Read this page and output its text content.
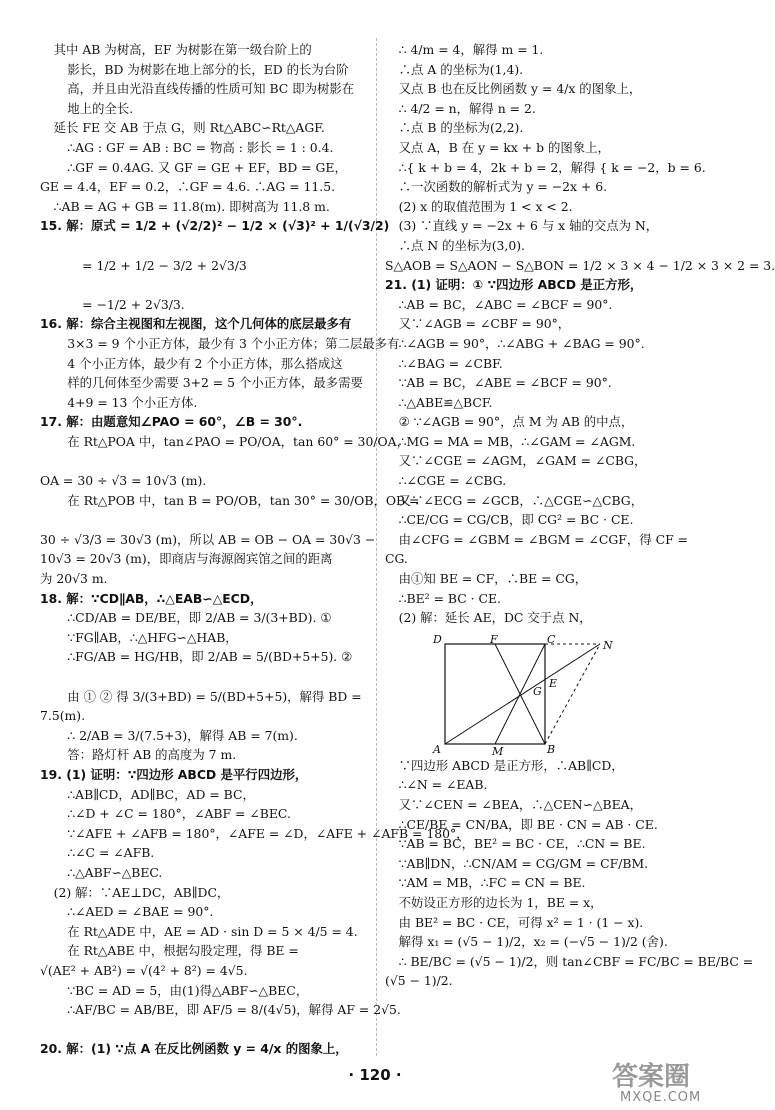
其中 AB 为树高，EF 为树影在第一级台阶上的
影长，BD 为树影在地上部分的长，ED 的长为台阶
高，并且由光沿直线传播的性质可知 BC 即为树影在
地上的全长.
延长 FE 交 AB 于点 G，则 Rt△ABC∽Rt△AGF.
∴AG : GF = AB : BC = 物高 : 影长 = 1 : 0.4.
∴GF = 0.4AG. 又 GF = GE + EF，BD = GE，
GE = 4.4，EF = 0.2，∴GF = 4.6. ∴AG = 11.5.
∴AB = AG + GB = 11.8(m). 即树高为 11.8 m.
15. 解：原式 = 1/2 + (√2/2)² − 1/2 × (√3)² + 1/(√3/2)

= 1/2 + 1/2 − 3/2 + 2√3/3

= −1/2 + 2√3/3.
16. 解：综合主视图和左视图，这个几何体的底层最多有
3×3 = 9 个小正方体，最少有 3 个小正方体；第二层最多有
4 个小正方体，最少有 2 个小正方体，那么搭成这
样的几何体至少需要 3+2 = 5 个小正方体，最多需要
4+9 = 13 个小正方体.
17. 解：由题意知∠PAO = 60°，∠B = 30°.
在 Rt△POA 中，tan∠PAO = PO/OA，tan 60° = 30/OA，

OA = 30 ÷ √3 = 10√3 (m).
在 Rt△POB 中，tan B = PO/OB，tan 30° = 30/OB，OB =

30 ÷ √3/3 = 30√3 (m)，所以 AB = OB − OA = 30√3 −
10√3 = 20√3 (m)，即商店与海源阁宾馆之间的距离
为 20√3 m.
18. 解：∵CD∥AB，∴△EAB∽△ECD，
∴CD/AB = DE/BE，即 2/AB = 3/(3+BD). ①
∵FG∥AB，∴△HFG∽△HAB，
∴FG/AB = HG/HB，即 2/AB = 5/(BD+5+5). ②

由 ① ② 得 3/(3+BD) = 5/(BD+5+5)，解得 BD =
7.5(m).
∴ 2/AB = 3/(7.5+3)，解得 AB = 7(m).
答：路灯杆 AB 的高度为 7 m.
19. (1) 证明：∵四边形 ABCD 是平行四边形，
∴AB∥CD，AD∥BC，AD = BC，
∴∠D + ∠C = 180°，∠ABF = ∠BEC.
∵∠AFE + ∠AFB = 180°，∠AFE = ∠D，∠AFE + ∠AFB = 180°，
∴∠C = ∠AFB.
∴△ABF∽△BEC.
(2) 解：∵AE⊥DC，AB∥DC，
∴∠AED = ∠BAE = 90°.
在 Rt△ADE 中，AE = AD · sin D = 5 × 4/5 = 4.
在 Rt△ABE 中，根据勾股定理，得 BE =
√(AE² + AB²) = √(4² + 8²) = 4√5.
∵BC = AD = 5，由(1)得△ABF∽△BEC，
∴AF/BC = AB/BE，即 AF/5 = 8/(4√5)，解得 AF = 2√5.

20. 解：(1) ∵点 A 在反比例函数 y = 4/x 的图象上，
∴ 4/m = 4，解得 m = 1.
∴点 A 的坐标为(1,4).
又点 B 也在反比例函数 y = 4/x 的图象上，
∴ 4/2 = n，解得 n = 2.
∴点 B 的坐标为(2,2).
又点 A，B 在 y = kx + b 的图象上，
∴{ k + b = 4，2k + b = 2，解得 { k = −2，b = 6.
∴一次函数的解析式为 y = −2x + 6.
(2) x 的取值范围为 1 < x < 2.
(3) ∵直线 y = −2x + 6 与 x 轴的交点为 N，
∴点 N 的坐标为(3,0).
S△AOB = S△AON − S△BON = 1/2 × 3 × 4 − 1/2 × 3 × 2 = 3.
21. (1) 证明：① ∵四边形 ABCD 是正方形，
∴AB = BC，∠ABC = ∠BCF = 90°.
又∵∠AGB = ∠CBF = 90°，
∴∠AGB = 90°，∴∠ABG + ∠BAG = 90°.
∴∠BAG = ∠CBF.
∵AB = BC，∠ABE = ∠BCF = 90°.
∴△ABE≌△BCF.
② ∵∠AGB = 90°，点 M 为 AB 的中点，
∴MG = MA = MB，∴∠GAM = ∠AGM.
又∵∠CGE = ∠AGM，∠GAM = ∠CBG，
∴∠CGE = ∠CBG.
又∵∠ECG = ∠GCB，∴△CGE∽△CBG，
∴CE/CG = CG/CB，即 CG² = BC · CE.
由∠CFG = ∠GBM = ∠BGM = ∠CGF，得 CF =
CG.
由①知 BE = CF，∴BE = CG，
∴BE² = BC · CE.
(2) 解：延长 AE，DC 交于点 N，
D	F	C	N
G
E
A	M	B
∵四边形 ABCD 是正方形，∴AB∥CD，
∴∠N = ∠EAB.
又∵∠CEN = ∠BEA，∴△CEN∽△BEA，
∴CE/BE = CN/BA，即 BE · CN = AB · CE.
∵AB = BC，BE² = BC · CE，∴CN = BE.
∵AB∥DN，∴CN/AM = CG/GM = CF/BM.
∵AM = MB，∴FC = CN = BE.
不妨设正方形的边长为 1，BE = x，
由 BE² = BC · CE，可得 x² = 1 · (1 − x).
解得 x₁ = (√5 − 1)/2，x₂ = (−√5 − 1)/2 (舍).
∴ BE/BC = (√5 − 1)/2，则 tan∠CBF = FC/BC = BE/BC =
(√5 − 1)/2.
· 120 ·	答案圈
MXQE.COM
